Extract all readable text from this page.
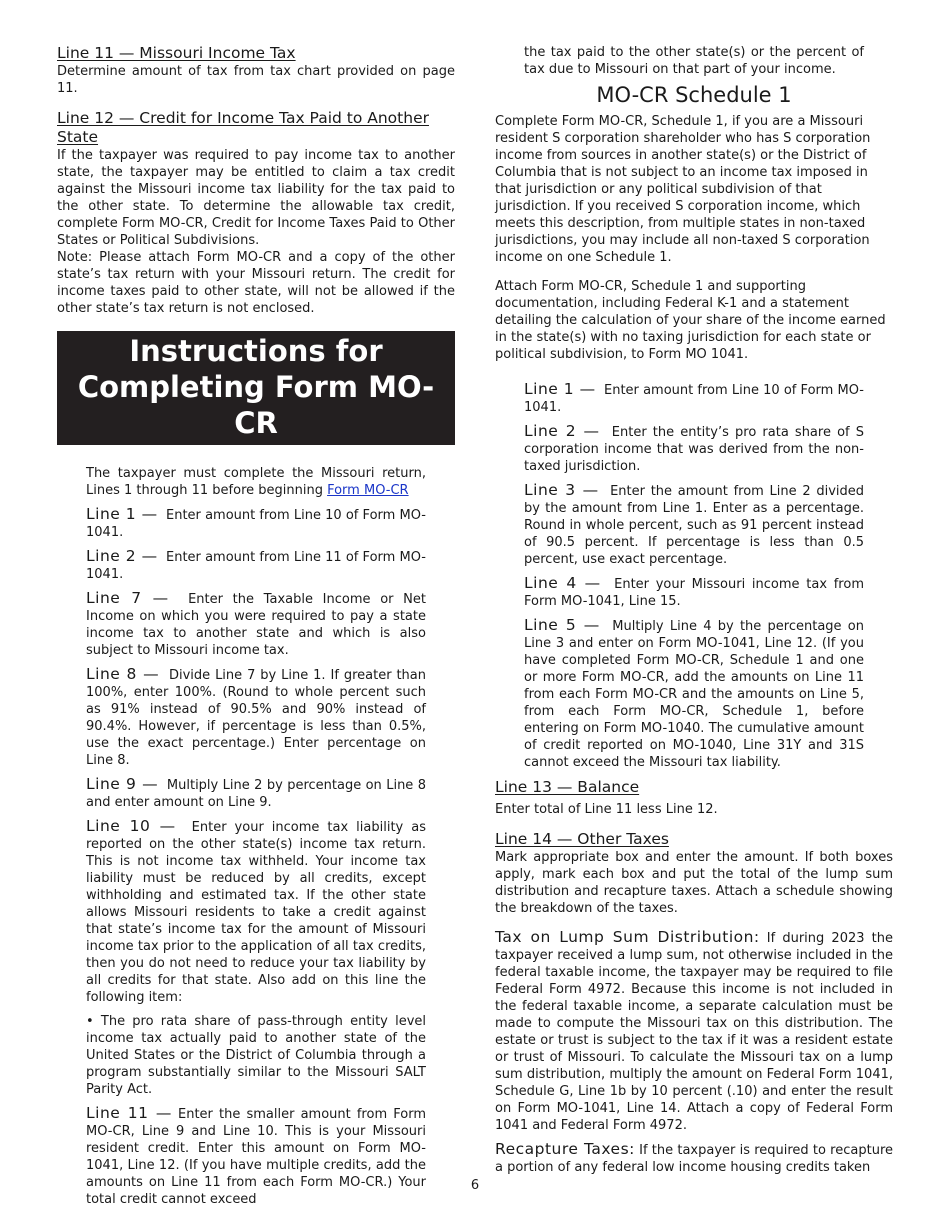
Line 11 — Missouri Income Tax

Determine amount of tax from tax chart provided on page 11.

Line 12 — Credit for Income Tax Paid to Another State

If the taxpayer was required to pay income tax to another state, the taxpayer may be entitled to claim a tax credit against the Missouri income tax liability for the tax paid to the other state. To determine the allowable tax credit, complete Form MO-CR, Credit for Income Taxes Paid to Other States or Political Subdivisions.

Note: Please attach Form MO-CR and a copy of the other state’s tax return with your Missouri return. The credit for income taxes paid to other state, will not be allowed if the other state’s tax return is not enclosed.

Instructions for Completing Form MO-CR

The taxpayer must complete the Missouri return, Lines 1 through 11 before beginning Form MO-CR

Line 1 — Enter amount from Line 10 of Form MO-1041.

Line 2 — Enter amount from Line 11 of Form MO-1041.

Line 7 — Enter the Taxable Income or Net Income on which you were required to pay a state income tax to another state and which is also subject to Missouri income tax.

Line 8 — Divide Line 7 by Line 1. If greater than 100%, enter 100%. (Round to whole percent such as 91% instead of 90.5% and 90% instead of 90.4%. However, if percentage is less than 0.5%, use the exact percentage.) Enter percentage on Line 8.

Line 9 — Multiply Line 2 by percentage on Line 8 and enter amount on Line 9.

Line 10 — Enter your income tax liability as reported on the other state(s) income tax return. This is not income tax withheld. Your income tax liability must be reduced by all credits, except withholding and estimated tax. If the other state allows Missouri residents to take a credit against that state’s income tax for the amount of Missouri income tax prior to the application of all tax credits, then you do not need to reduce your tax liability by all credits for that state. Also add on this line the following item:

• The pro rata share of pass-through entity level income tax actually paid to another state of the United States or the District of Columbia through a program substantially similar to the Missouri SALT Parity Act.

Line 11 — Enter the smaller amount from Form MO-CR, Line 9 and Line 10. This is your Missouri resident credit. Enter this amount on Form MO-1041, Line 12. (If you have multiple credits, add the amounts on Line 11 from each Form MO-CR.) Your total credit cannot exceed

the tax paid to the other state(s) or the percent of tax due to Missouri on that part of your income.

MO-CR Schedule 1

Complete Form MO-CR, Schedule 1, if you are a Missouri resident S corporation shareholder who has S corporation income from sources in another state(s) or the District of Columbia that is not subject to an income tax imposed in that jurisdiction or any political subdivision of that jurisdiction. If you received S corporation income, which meets this description, from multiple states in non-taxed jurisdictions, you may include all non-taxed S corporation income on one Schedule 1.

Attach Form MO-CR, Schedule 1 and supporting documentation, including Federal K-1 and a statement detailing the calculation of your share of the income earned in the state(s) with no taxing jurisdiction for each state or political subdivision, to Form MO 1041.

Line 1 — Enter amount from Line 10 of Form MO-1041.

Line 2 — Enter the entity’s pro rata share of S corporation income that was derived from the non-taxed jurisdiction.

Line 3 — Enter the amount from Line 2 divided by the amount from Line 1. Enter as a percentage. Round in whole percent, such as 91 percent instead of 90.5 percent. If percentage is less than 0.5 percent, use exact percentage.

Line 4 — Enter your Missouri income tax from Form MO-1041, Line 15.

Line 5 — Multiply Line 4 by the percentage on Line 3 and enter on Form MO-1041, Line 12. (If you have completed Form MO-CR, Schedule 1 and one or more Form MO-CR, add the amounts on Line 11 from each Form MO-CR and the amounts on Line 5, from each Form MO-CR, Schedule 1, before entering on Form MO-1040. The cumulative amount of credit reported on MO-1040, Line 31Y and 31S cannot exceed the Missouri tax liability.

Line 13 — Balance

Enter total of Line 11 less Line 12.

Line 14 — Other Taxes

Mark appropriate box and enter the amount. If both boxes apply, mark each box and put the total of the lump sum distribution and recapture taxes. Attach a schedule showing the breakdown of the taxes.

Tax on Lump Sum Distribution: If during 2023 the taxpayer received a lump sum, not otherwise included in the federal taxable income, the taxpayer may be required to file Federal Form 4972. Because this income is not included in the federal taxable income, a separate calculation must be made to compute the Missouri tax on this distribution. The estate or trust is subject to the tax if it was a resident estate or trust of Missouri. To calculate the Missouri tax on a lump sum distribution, multiply the amount on Federal Form 1041, Schedule G, Line 1b by 10 percent (.10) and enter the result on Form MO-1041, Line 14. Attach a copy of Federal Form 1041 and Federal Form 4972.

Recapture Taxes: If the taxpayer is required to recapture a portion of any federal low income housing credits taken

6
